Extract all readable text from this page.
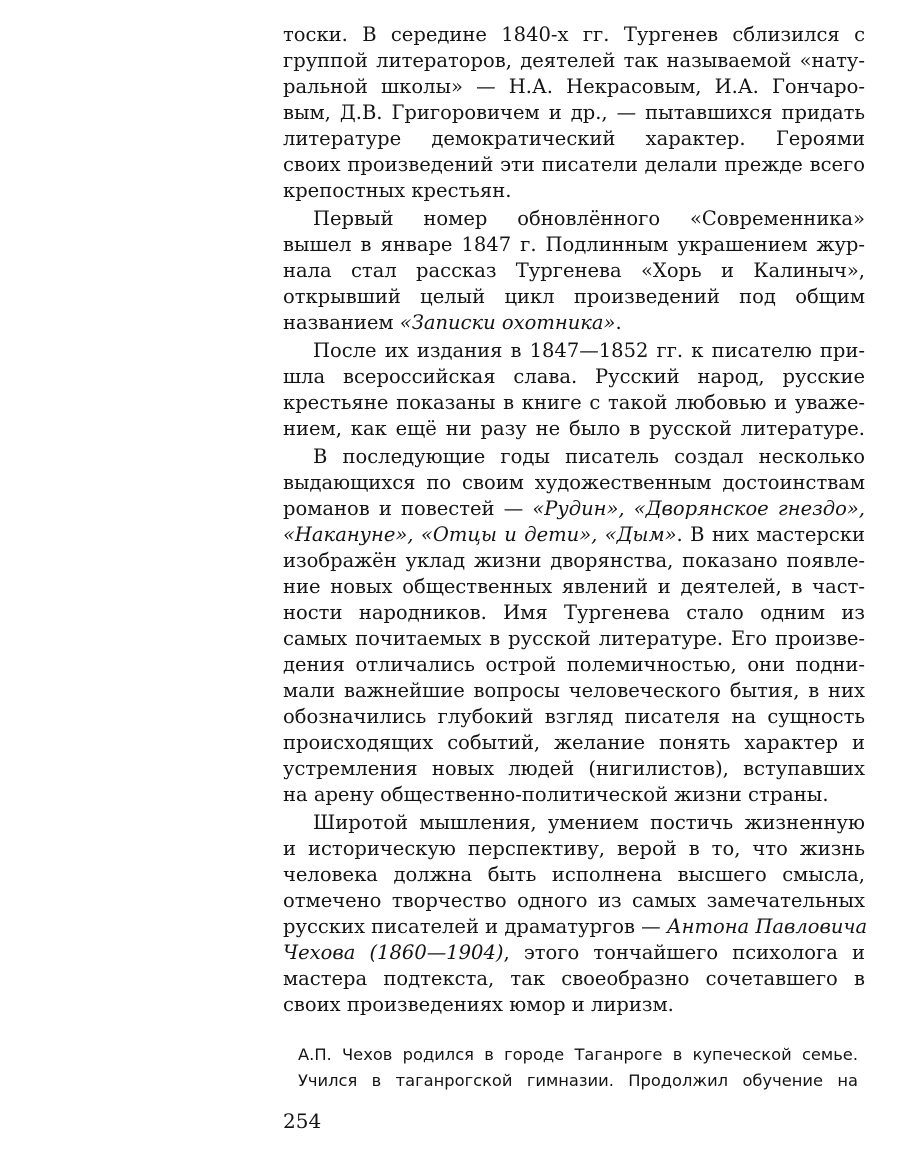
тоски. В середине 1840-х гг. Тургенев сблизился с
группой литераторов, деятелей так называемой «нату-
ральной школы» — Н.А. Некрасовым, И.А. Гончаро-
вым, Д.В. Григоровичем и др., — пытавшихся придать
литературе демократический характер. Героями
своих произведений эти писатели делали прежде всего
крепостных крестьян.
Первый номер обновлённого «Современника»
вышел в январе 1847 г. Подлинным украшением жур-
нала стал рассказ Тургенева «Хорь и Калиныч»,
открывший целый цикл произведений под общим
названием «Записки охотника».
После их издания в 1847—1852 гг. к писателю при-
шла всероссийская слава. Русский народ, русские
крестьяне показаны в книге с такой любовью и уваже-
нием, как ещё ни разу не было в русской литературе.
В последующие годы писатель создал несколько
выдающихся по своим художественным достоинствам
романов и повестей — «Рудин», «Дворянское гнездо»,
«Накануне», «Отцы и дети», «Дым». В них мастерски
изображён уклад жизни дворянства, показано появле-
ние новых общественных явлений и деятелей, в част-
ности народников. Имя Тургенева стало одним из
самых почитаемых в русской литературе. Его произве-
дения отличались острой полемичностью, они подни-
мали важнейшие вопросы человеческого бытия, в них
обозначились глубокий взгляд писателя на сущность
происходящих событий, желание понять характер и
устремления новых людей (нигилистов), вступавших
на арену общественно-политической жизни страны.
Широтой мышления, умением постичь жизненную
и историческую перспективу, верой в то, что жизнь
человека должна быть исполнена высшего смысла,
отмечено творчество одного из самых замечательных
русских писателей и драматургов — Антона Павловича
Чехова (1860—1904), этого тончайшего психолога и
мастера подтекста, так своеобразно сочетавшего в
своих произведениях юмор и лиризм.
А.П. Чехов родился в городе Таганроге в купеческой семье.
Учился в таганрогской гимназии. Продолжил обучение на
254
